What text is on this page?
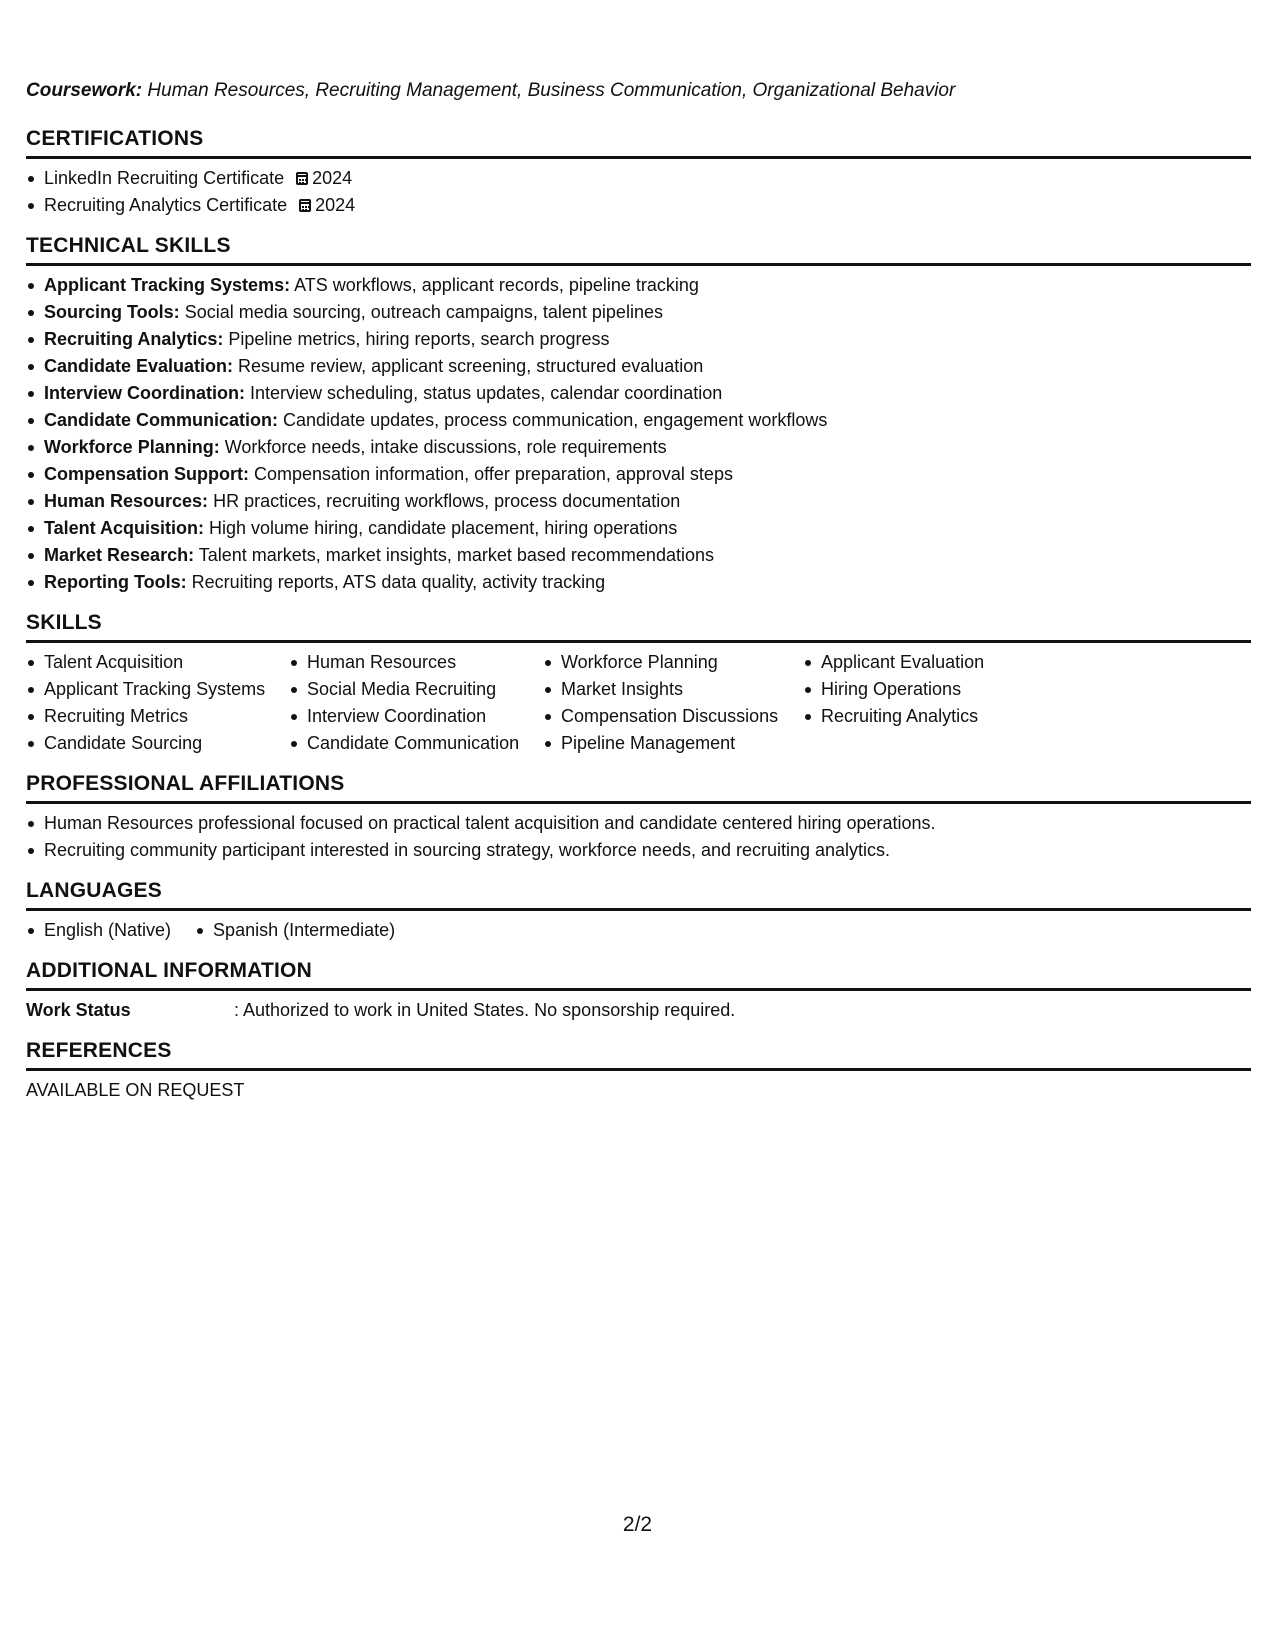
Coursework: Human Resources, Recruiting Management, Business Communication, Organizational Behavior

CERTIFICATIONS
LinkedIn Recruiting Certificate 2024
Recruiting Analytics Certificate 2024
TECHNICAL SKILLS
Applicant Tracking Systems: ATS workflows, applicant records, pipeline tracking
Sourcing Tools: Social media sourcing, outreach campaigns, talent pipelines
Recruiting Analytics: Pipeline metrics, hiring reports, search progress
Candidate Evaluation: Resume review, applicant screening, structured evaluation
Interview Coordination: Interview scheduling, status updates, calendar coordination
Candidate Communication: Candidate updates, process communication, engagement workflows
Workforce Planning: Workforce needs, intake discussions, role requirements
Compensation Support: Compensation information, offer preparation, approval steps
Human Resources: HR practices, recruiting workflows, process documentation
Talent Acquisition: High volume hiring, candidate placement, hiring operations
Market Research: Talent markets, market insights, market based recommendations
Reporting Tools: Recruiting reports, ATS data quality, activity tracking
SKILLS
Talent Acquisition
Applicant Tracking Systems
Recruiting Metrics
Candidate Sourcing
Human Resources
Social Media Recruiting
Interview Coordination
Candidate Communication
Workforce Planning
Market Insights
Compensation Discussions
Pipeline Management
Applicant Evaluation
Hiring Operations
Recruiting Analytics
PROFESSIONAL AFFILIATIONS
Human Resources professional focused on practical talent acquisition and candidate centered hiring operations.
Recruiting community participant interested in sourcing strategy, workforce needs, and recruiting analytics.
LANGUAGES
English (Native)	Spanish (Intermediate)
ADDITIONAL INFORMATION
Work Status	: Authorized to work in United States. No sponsorship required.
REFERENCES
AVAILABLE ON REQUEST
2/2
